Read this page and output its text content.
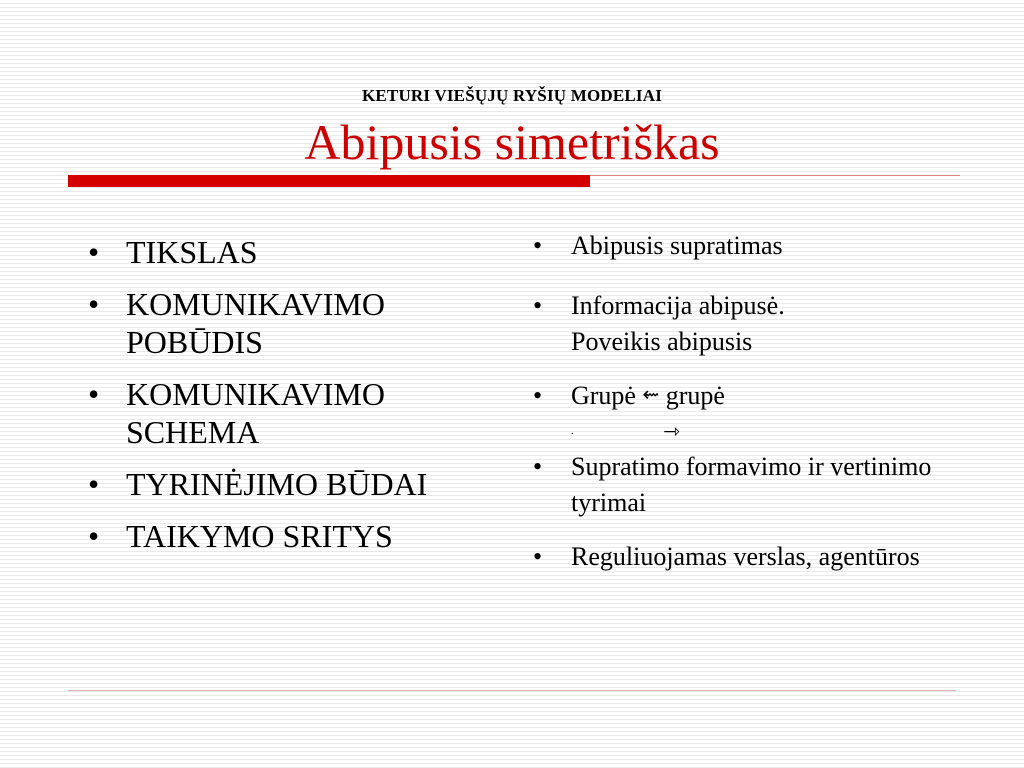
KETURI VIEŠŲJŲ RYŠIŲ MODELIAI
Abipusis simetriškas
• TIKSLAS
• KOMUNIKAVIMO POBŪDIS
• KOMUNIKAVIMO SCHEMA
• TYRINĖJIMO BŪDAI
• TAIKYMO SRITYS
• Abipusis supratimas
• Informacija abipusė.
Poveikis abipusis
• Grupė ⇜ grupė
.	⇾
• Supratimo formavimo ir vertinimo tyrimai
• Reguliuojamas verslas, agentūros
